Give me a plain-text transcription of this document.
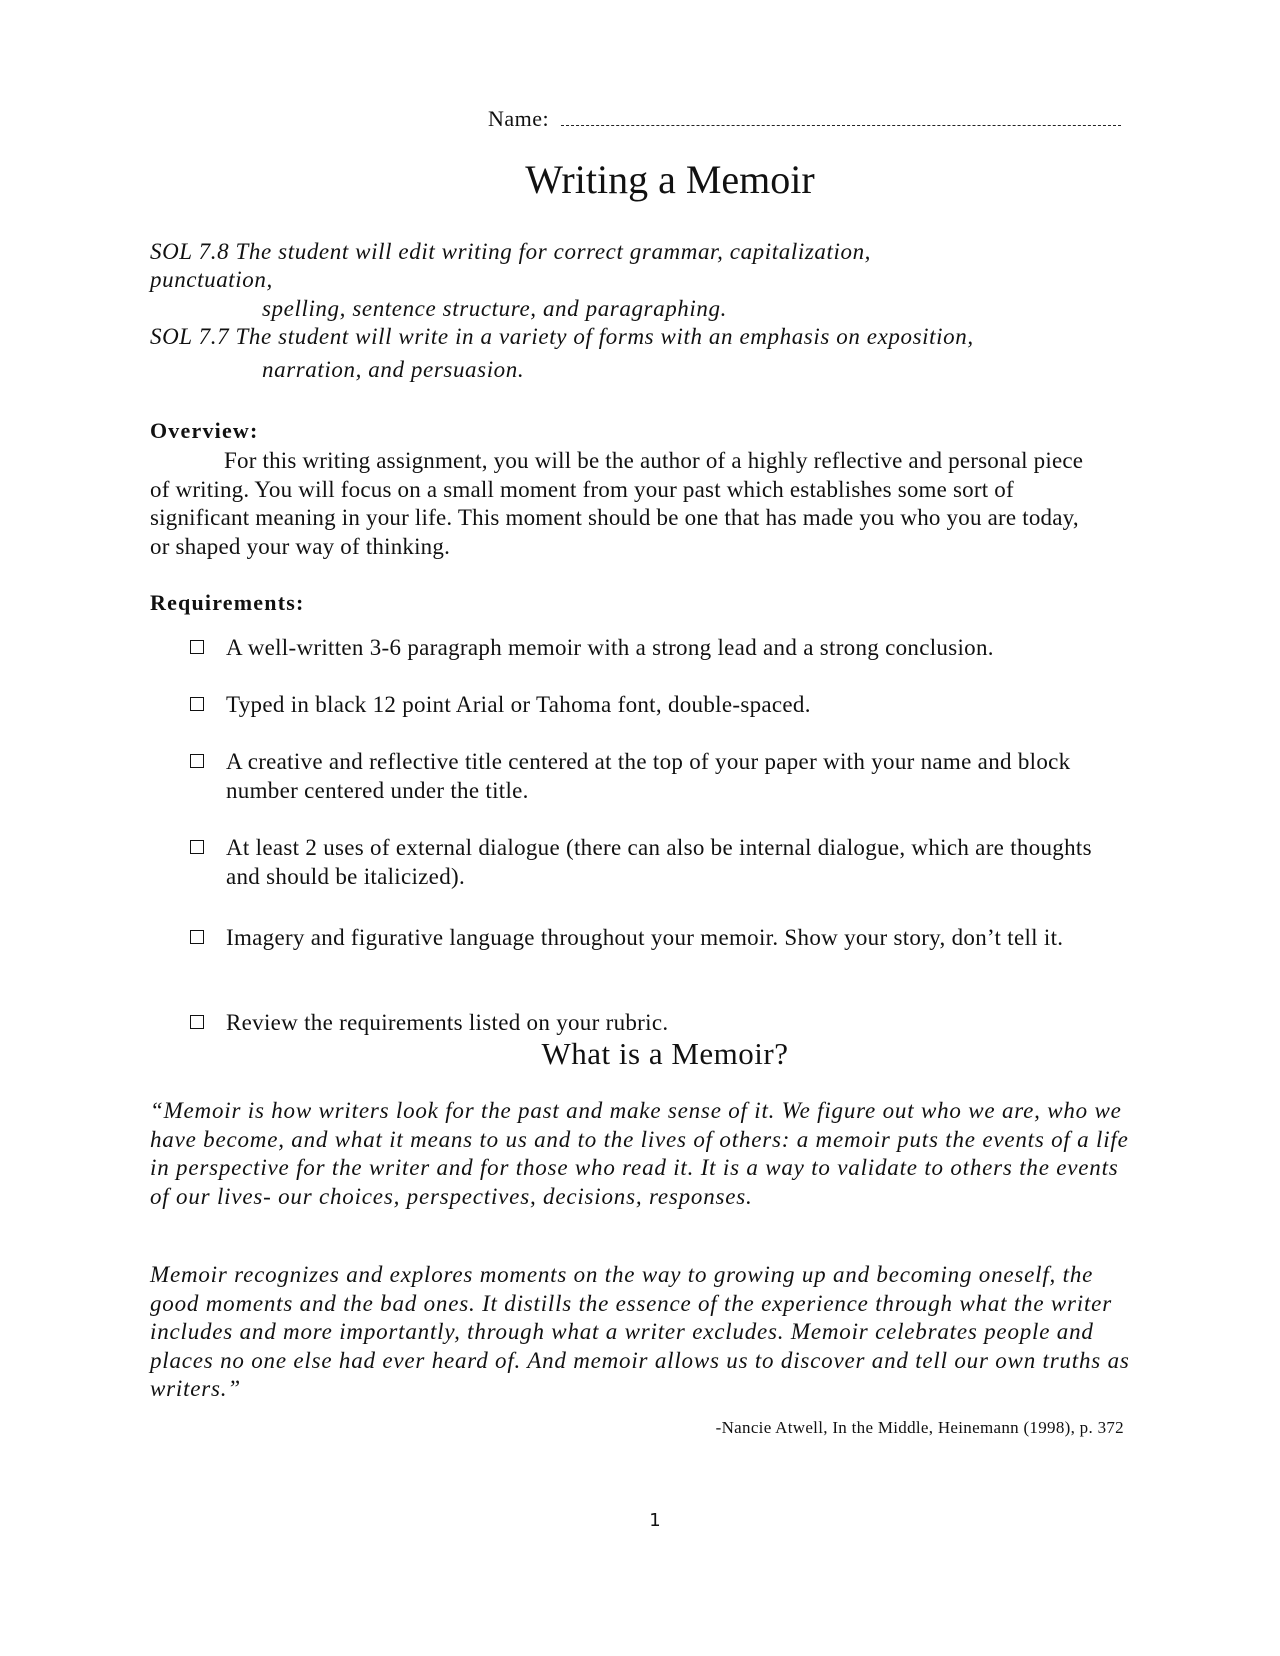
Name:
Writing a Memoir
SOL 7.8 The student will edit writing for correct grammar, capitalization,
punctuation,
spelling, sentence structure, and paragraphing.
SOL 7.7 The student will write in a variety of forms with an emphasis on exposition,
narration, and persuasion.
Overview:

For this writing assignment, you will be the author of a highly reflective and personal piece of writing. You will focus on a small moment from your past which establishes some sort of significant meaning in your life. This moment should be one that has made you who you are today, or shaped your way of thinking.

Requirements:
A well-written 3-6 paragraph memoir with a strong lead and a strong conclusion.
Typed in black 12 point Arial or Tahoma font, double-spaced.
A creative and reflective title centered at the top of your paper with your name and block number centered under the title.
At least 2 uses of external dialogue (there can also be internal dialogue, which are thoughts and should be italicized).
Imagery and figurative language throughout your memoir. Show your story, don’t tell it.
Review the requirements listed on your rubric.
What is a Memoir?

“Memoir is how writers look for the past and make sense of it. We figure out who we are, who we have become, and what it means to us and to the lives of others: a memoir puts the events of a life in perspective for the writer and for those who read it. It is a way to validate to others the events of our lives- our choices, perspectives, decisions, responses.

Memoir recognizes and explores moments on the way to growing up and becoming oneself, the good moments and the bad ones. It distills the essence of the experience through what the writer includes and more importantly, through what a writer excludes. Memoir celebrates people and places no one else had ever heard of. And memoir allows us to discover and tell our own truths as writers.”

-Nancie Atwell, In the Middle, Heinemann (1998), p. 372
1
